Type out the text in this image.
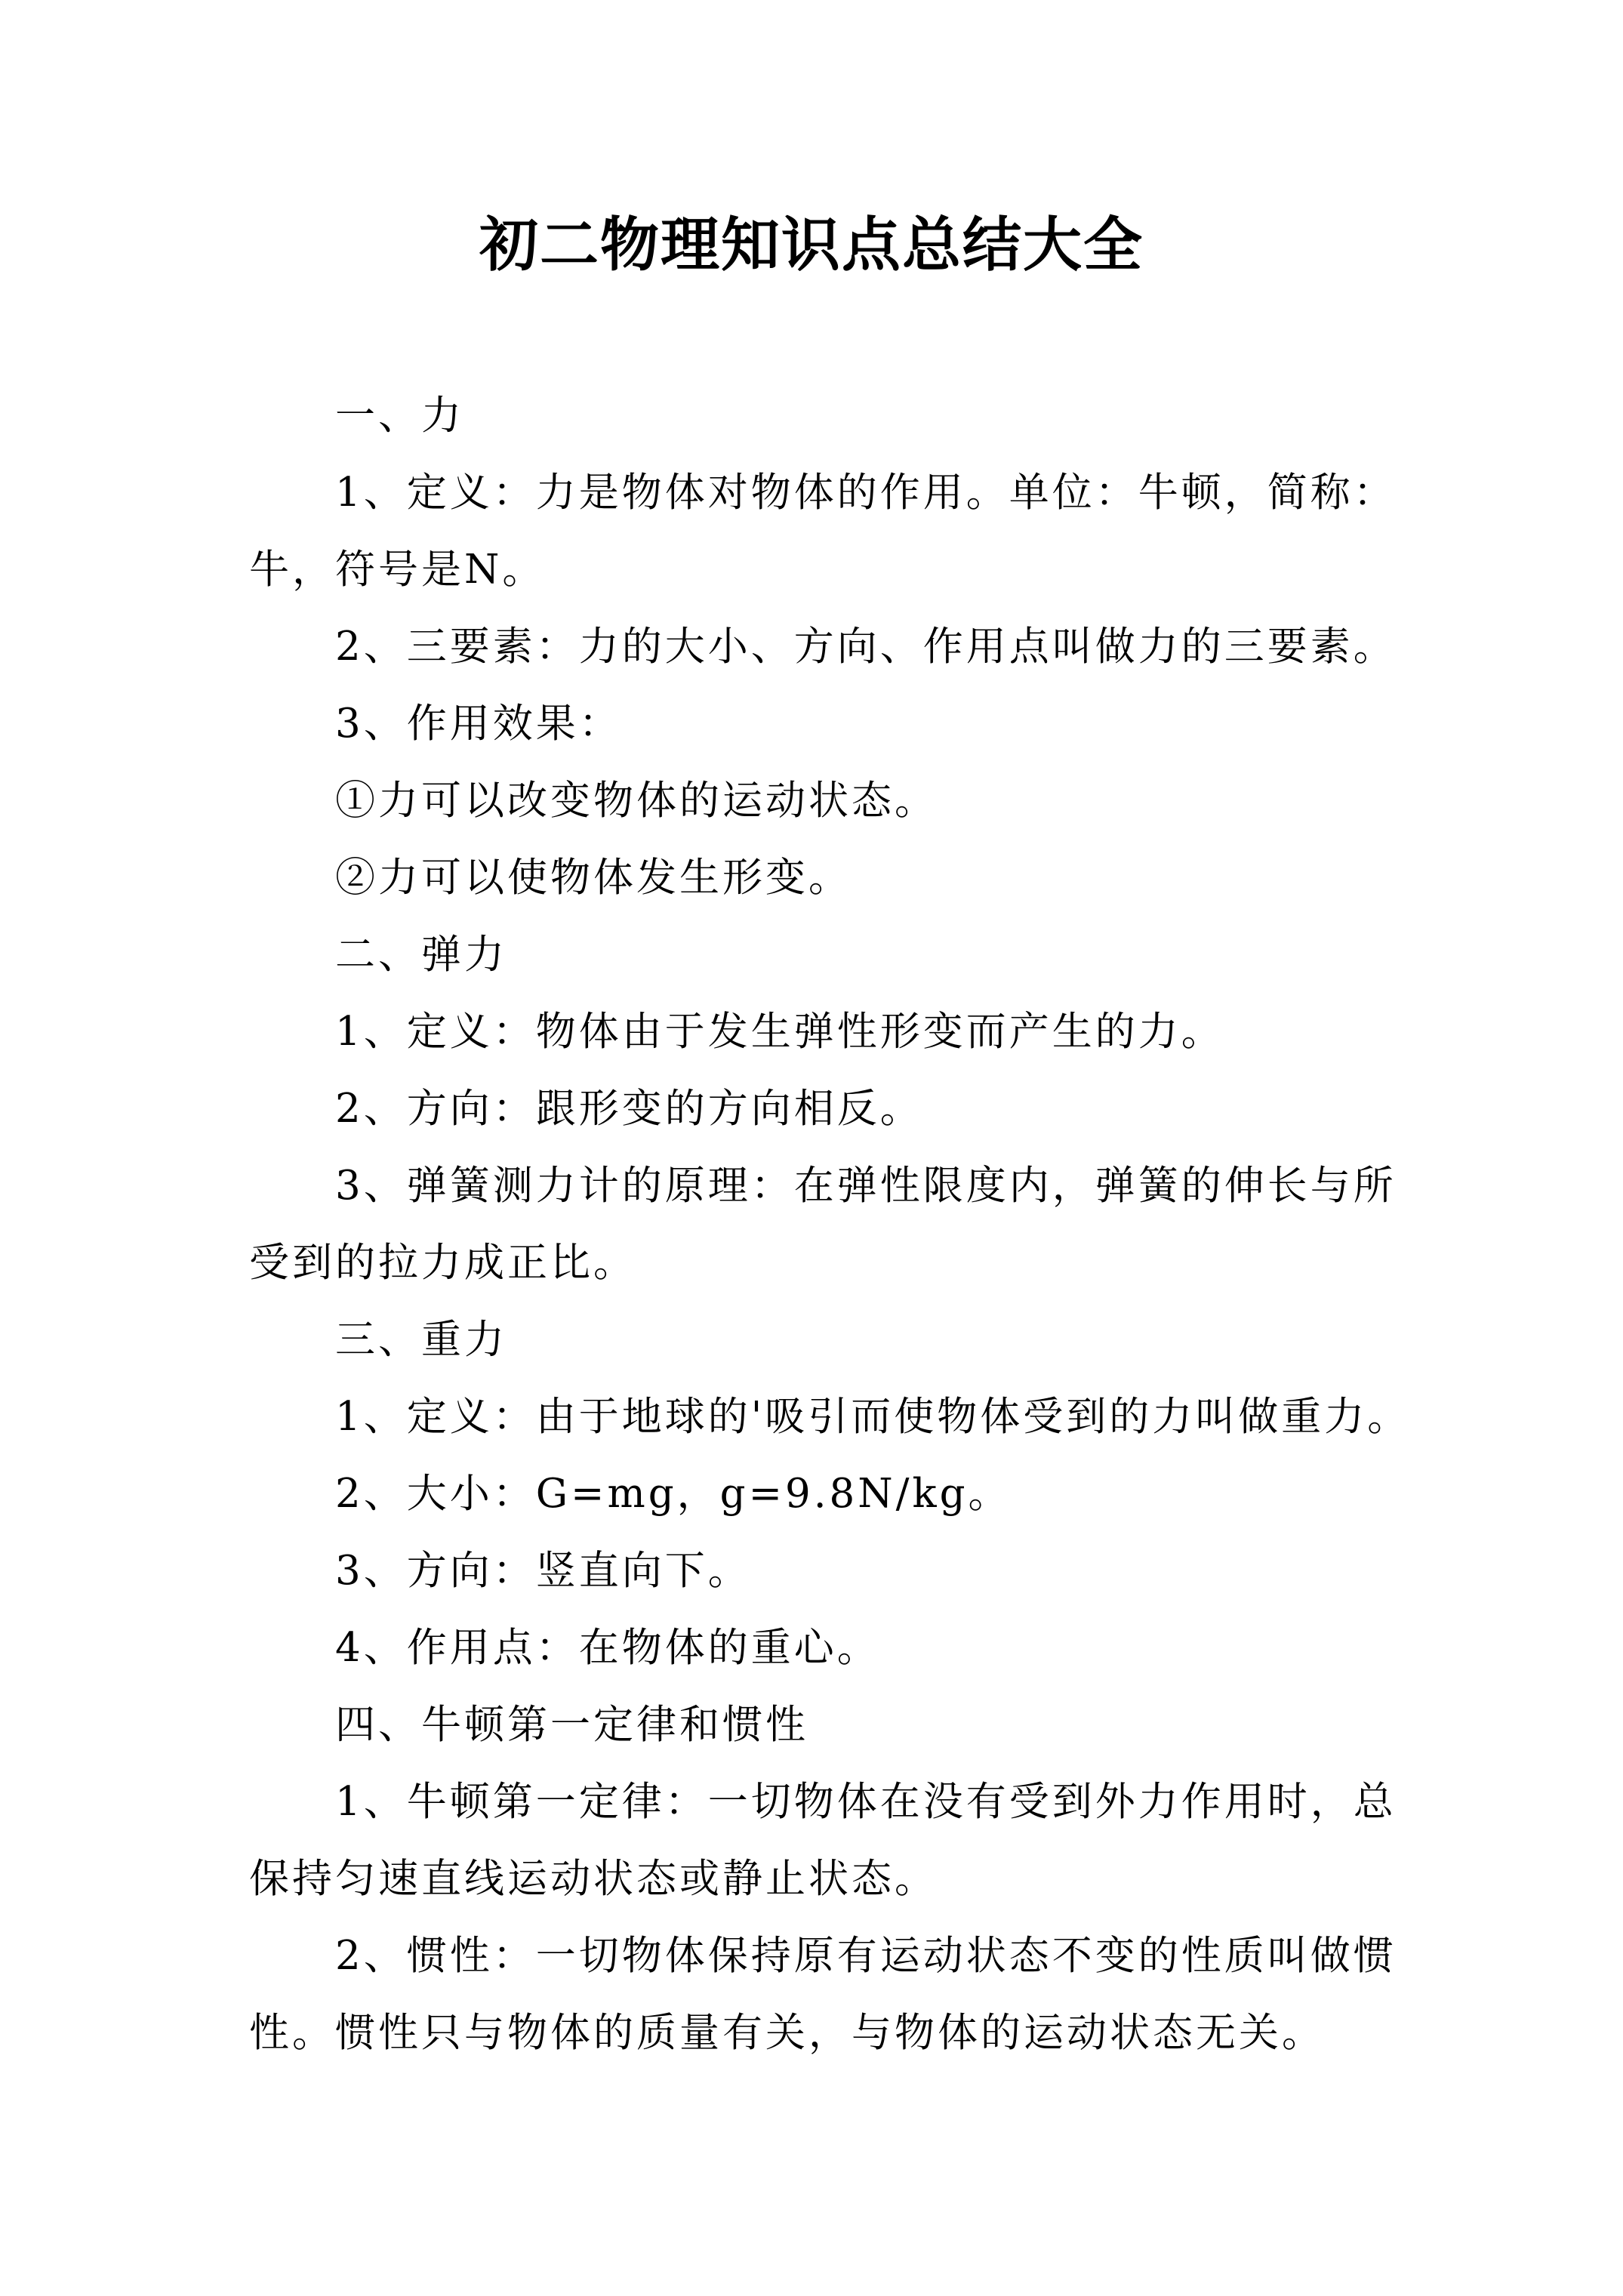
初二物理知识点总结大全

一、力

1、定义：力是物体对物体的作用。单位：牛顿，简称：牛，符号是N。

2、三要素：力的大小、方向、作用点叫做力的三要素。

3、作用效果：

①力可以改变物体的运动状态。

②力可以使物体发生形变。

二、弹力

1、定义：物体由于发生弹性形变而产生的力。

2、方向：跟形变的方向相反。

3、弹簧测力计的原理：在弹性限度内，弹簧的伸长与所受到的拉力成正比。

三、重力

1、定义：由于地球的'吸引而使物体受到的力叫做重力。

2、大小：G=mg，g=9.8N/kg。

3、方向：竖直向下。

4、作用点：在物体的重心。

四、牛顿第一定律和惯性

1、牛顿第一定律：一切物体在没有受到外力作用时，总保持匀速直线运动状态或静止状态。

2、惯性：一切物体保持原有运动状态不变的性质叫做惯性。惯性只与物体的质量有关，与物体的运动状态无关。
